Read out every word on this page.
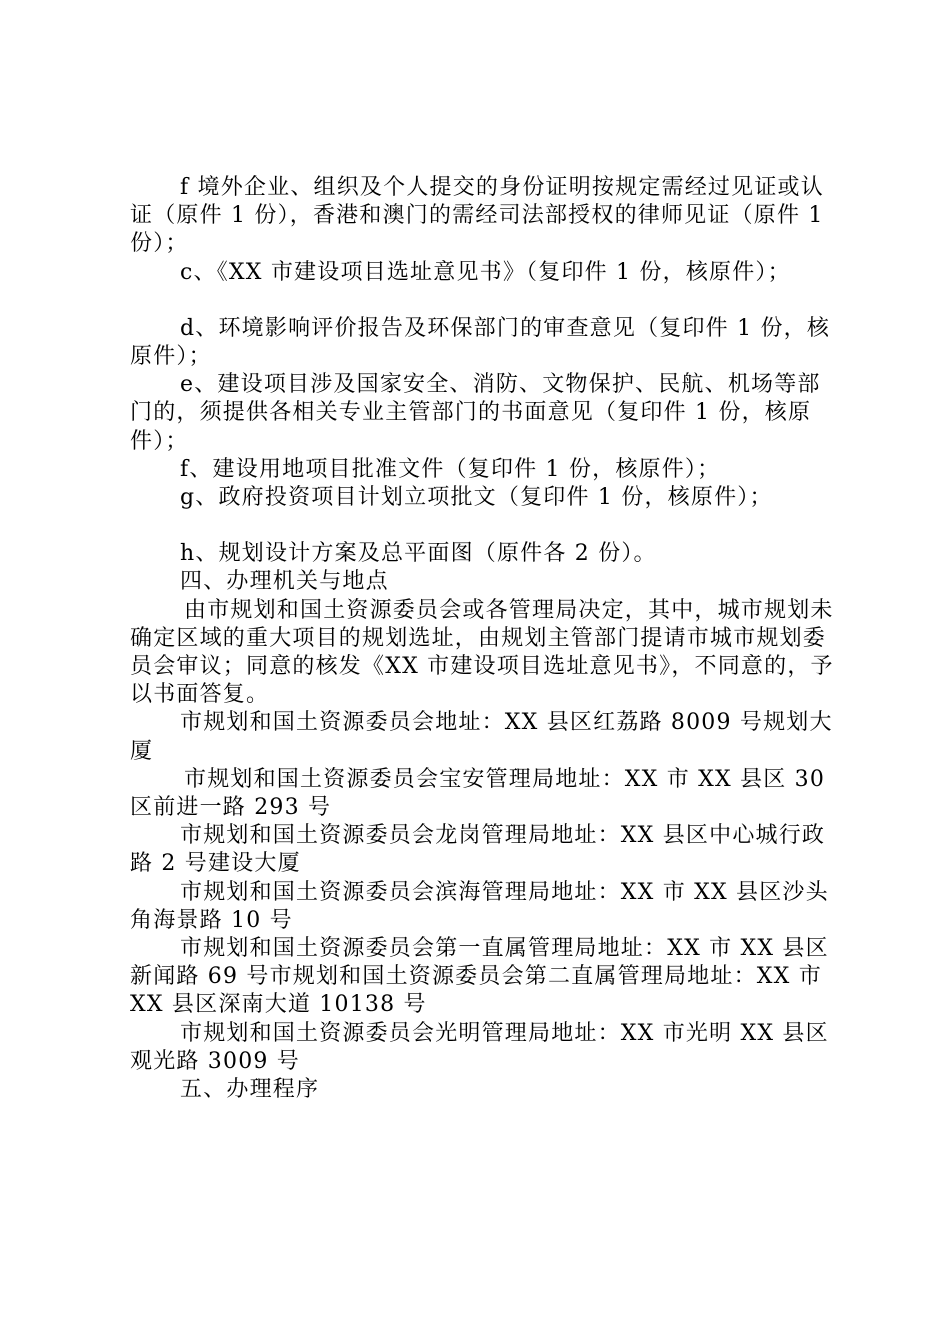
f 境外企业、组织及个人提交的身份证明按规定需经过见证或认证（原件 1 份），香港和澳门的需经司法部授权的律师见证（原件 1 份）；

c、《XX 市建设项目选址意见书》（复印件 1 份，核原件）；

d、环境影响评价报告及环保部门的审查意见（复印件 1 份，核原件）；

e、建设项目涉及国家安全、消防、文物保护、民航、机场等部门的，须提供各相关专业主管部门的书面意见（复印件 1 份，核原件）；

f、建设用地项目批准文件（复印件 1 份，核原件）；

g、政府投资项目计划立项批文（复印件 1 份，核原件）；

h、规划设计方案及总平面图（原件各 2 份）。

四、办理机关与地点

由市规划和国土资源委员会或各管理局决定，其中，城市规划未确定区域的重大项目的规划选址，由规划主管部门提请市城市规划委员会审议；同意的核发《XX 市建设项目选址意见书》，不同意的，予以书面答复。

市规划和国土资源委员会地址：XX 县区红荔路 8009 号规划大厦

市规划和国土资源委员会宝安管理局地址：XX 市 XX 县区 30 区前进一路 293 号

市规划和国土资源委员会龙岗管理局地址：XX 县区中心城行政路 2 号建设大厦

市规划和国土资源委员会滨海管理局地址：XX 市 XX 县区沙头角海景路 10 号

市规划和国土资源委员会第一直属管理局地址：XX 市 XX 县区新闻路 69 号市规划和国土资源委员会第二直属管理局地址：XX 市 XX 县区深南大道 10138 号

市规划和国土资源委员会光明管理局地址：XX 市光明 XX 县区观光路 3009 号

五、办理程序
